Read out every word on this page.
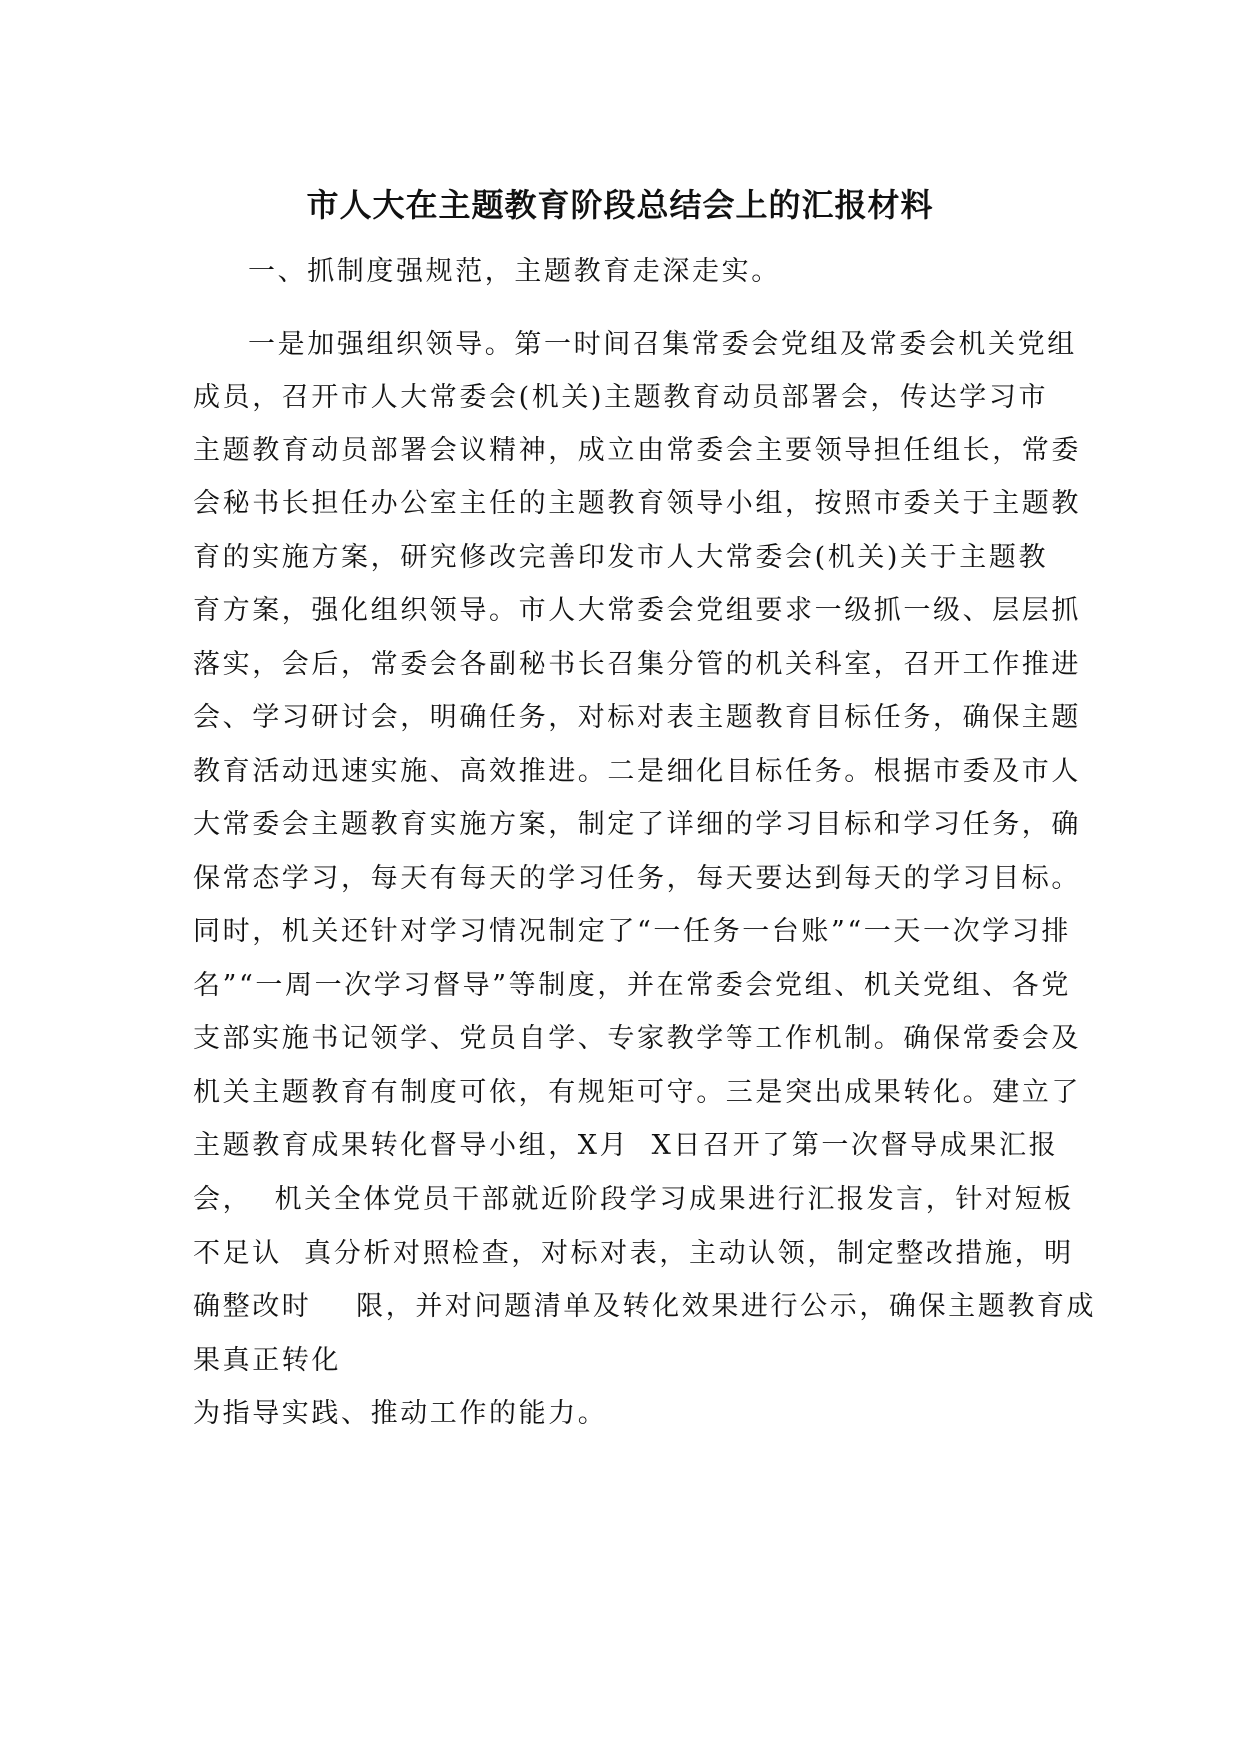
市人大在主题教育阶段总结会上的汇报材料
一、抓制度强规范，主题教育走深走实。
一是加强组织领导。第一时间召集常委会党组及常委会机关党组
成员，召开市人大常委会(机关)主题教育动员部署会，传达学习市
主题教育动员部署会议精神，成立由常委会主要领导担任组长，常委
会秘书长担任办公室主任的主题教育领导小组，按照市委关于主题教
育的实施方案，研究修改完善印发市人大常委会(机关)关于主题教
育方案，强化组织领导。市人大常委会党组要求一级抓一级、层层抓
落实，会后，常委会各副秘书长召集分管的机关科室，召开工作推进
会、学习研讨会，明确任务，对标对表主题教育目标任务，确保主题
教育活动迅速实施、高效推进。二是细化目标任务。根据市委及市人
大常委会主题教育实施方案，制定了详细的学习目标和学习任务，确
保常态学习，每天有每天的学习任务，每天要达到每天的学习目标。
同时，机关还针对学习情况制定了“一任务一台账”“一天一次学习排
名”“一周一次学习督导”等制度，并在常委会党组、机关党组、各党
支部实施书记领学、党员自学、专家教学等工作机制。确保常委会及
机关主题教育有制度可依，有规矩可守。三是突出成果转化。建立了
主题教育成果转化督导小组，X月  X日召开了第一次督导成果汇报
会，  机关全体党员干部就近阶段学习成果进行汇报发言，针对短板
不足认  真分析对照检查，对标对表，主动认领，制定整改措施，明
确整改时    限，并对问题清单及转化效果进行公示，确保主题教育成
果真正转化
为指导实践、推动工作的能力。
